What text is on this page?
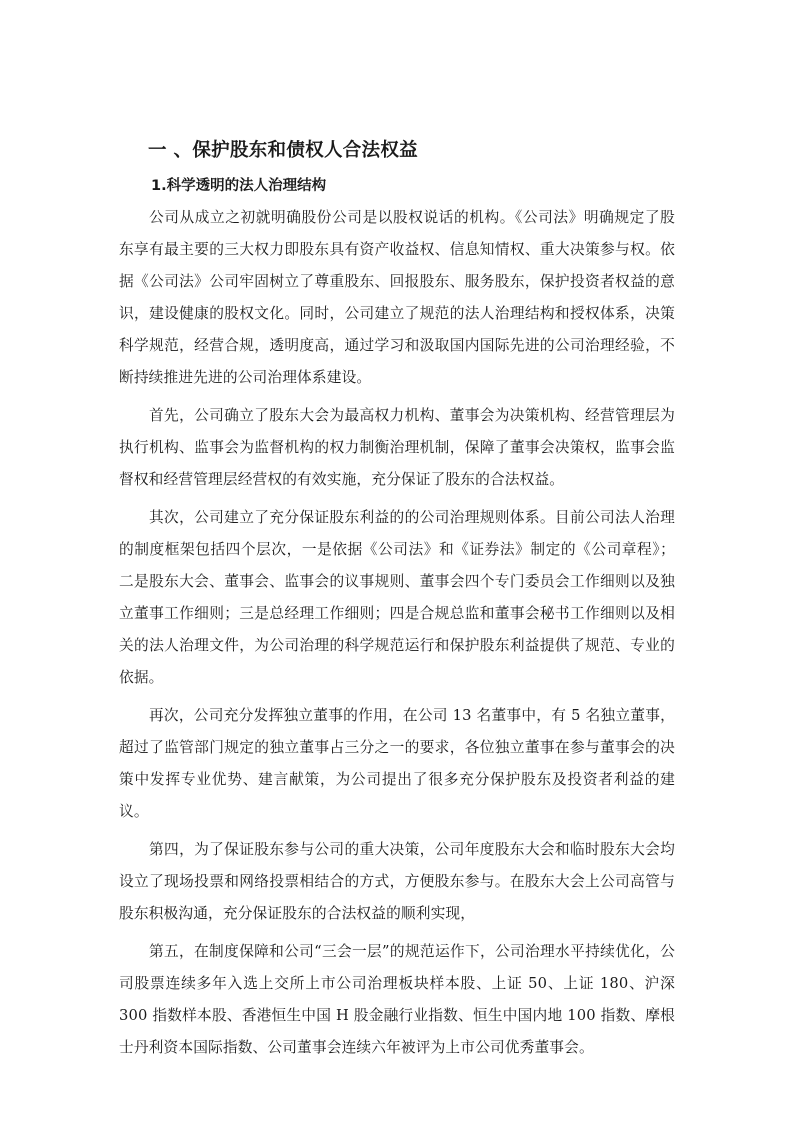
一 、保护股东和债权人合法权益
1.科学透明的法人治理结构

公司从成立之初就明确股份公司是以股权说话的机构。《公司法》明确规定了股东享有最主要的三大权力即股东具有资产收益权、信息知情权、重大决策参与权。依据《公司法》公司牢固树立了尊重股东、回报股东、服务股东，保护投资者权益的意识，建设健康的股权文化。同时，公司建立了规范的法人治理结构和授权体系，决策科学规范，经营合规，透明度高，通过学习和汲取国内国际先进的公司治理经验，不断持续推进先进的公司治理体系建设。

首先，公司确立了股东大会为最高权力机构、董事会为决策机构、经营管理层为执行机构、监事会为监督机构的权力制衡治理机制，保障了董事会决策权，监事会监督权和经营管理层经营权的有效实施，充分保证了股东的合法权益。

其次，公司建立了充分保证股东利益的的公司治理规则体系。目前公司法人治理的制度框架包括四个层次，一是依据《公司法》和《证券法》制定的《公司章程》；二是股东大会、董事会、监事会的议事规则、董事会四个专门委员会工作细则以及独立董事工作细则；三是总经理工作细则；四是合规总监和董事会秘书工作细则以及相关的法人治理文件，为公司治理的科学规范运行和保护股东利益提供了规范、专业的依据。

再次，公司充分发挥独立董事的作用，在公司 13 名董事中，有 5 名独立董事，超过了监管部门规定的独立董事占三分之一的要求，各位独立董事在参与董事会的决策中发挥专业优势、建言献策，为公司提出了很多充分保护股东及投资者利益的建议。

第四，为了保证股东参与公司的重大决策，公司年度股东大会和临时股东大会均设立了现场投票和网络投票相结合的方式，方便股东参与。在股东大会上公司高管与股东积极沟通，充分保证股东的合法权益的顺利实现，

第五，在制度保障和公司“三会一层”的规范运作下，公司治理水平持续优化，公司股票连续多年入选上交所上市公司治理板块样本股、上证 50、上证 180、沪深 300 指数样本股、香港恒生中国 H 股金融行业指数、恒生中国内地 100 指数、摩根士丹利资本国际指数、公司董事会连续六年被评为上市公司优秀董事会。
